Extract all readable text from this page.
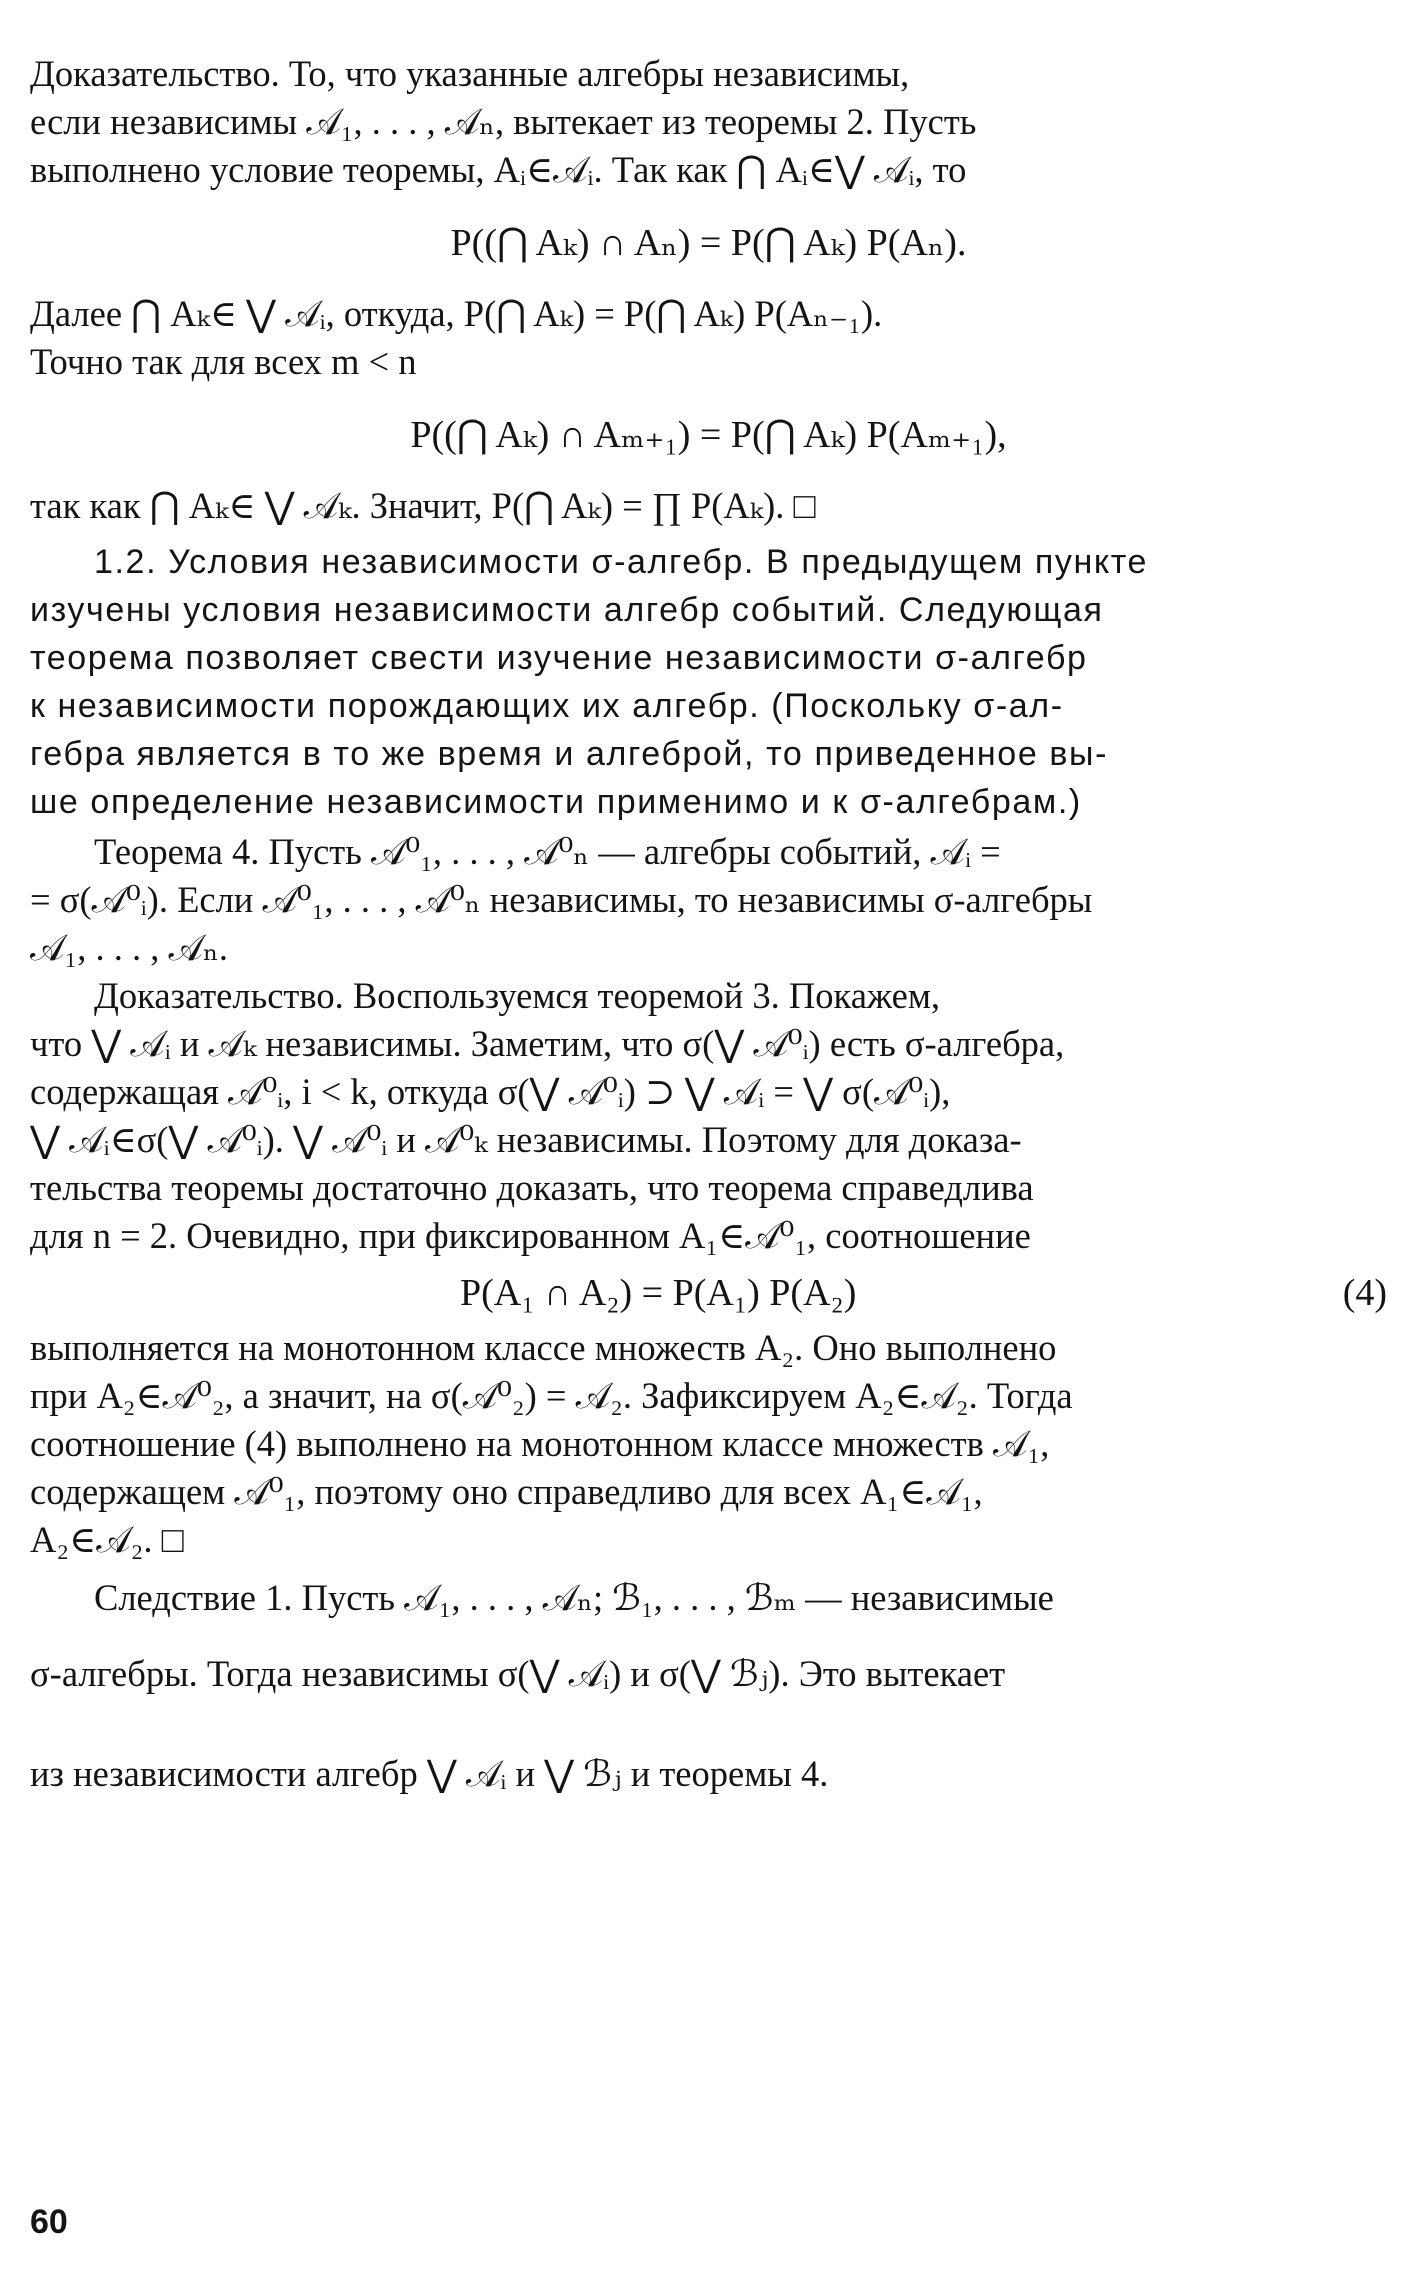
Доказательство. То, что указанные алгебры независимы,
если независимы 𝒜₁, . . . , 𝒜ₙ, вытекает из теоремы 2. Пусть
выполнено условие теоремы, Aᵢ∈𝒜ᵢ. Так как ⋂ Aᵢ∈⋁ 𝒜ᵢ, то
P((⋂ Aₖ) ∩ Aₙ) = P(⋂ Aₖ) P(Aₙ).
Далее ⋂ Aₖ∈ ⋁ 𝒜ᵢ, откуда, P(⋂ Aₖ) = P(⋂ Aₖ) P(Aₙ₋₁).
Точно так для всех m < n
P((⋂ Aₖ) ∩ Aₘ₊₁) = P(⋂ Aₖ) P(Aₘ₊₁),
так как ⋂ Aₖ∈ ⋁ 𝒜ₖ. Значит, P(⋂ Aₖ) = ∏ P(Aₖ). □
1.2. Условия независимости σ-алгебр. В предыдущем пункте
изучены условия независимости алгебр событий. Следующая
теорема позволяет свести изучение независимости σ-алгебр
к независимости порождающих их алгебр. (Поскольку σ-ал-
гебра является в то же время и алгеброй, то приведенное вы-
ше определение независимости применимо и к σ-алгебрам.)
Теорема 4. Пусть 𝒜⁰₁, . . . , 𝒜⁰ₙ — алгебры событий, 𝒜ᵢ =
= σ(𝒜⁰ᵢ). Если 𝒜⁰₁, . . . , 𝒜⁰ₙ независимы, то независимы σ-алгебры
𝒜₁, . . . , 𝒜ₙ.
Доказательство. Воспользуемся теоремой 3. Покажем,
что ⋁ 𝒜ᵢ и 𝒜ₖ независимы. Заметим, что σ(⋁ 𝒜⁰ᵢ) есть σ-алгебра,
содержащая 𝒜⁰ᵢ, i < k, откуда σ(⋁ 𝒜⁰ᵢ) ⊃ ⋁ 𝒜ᵢ = ⋁ σ(𝒜⁰ᵢ),
⋁ 𝒜ᵢ∈σ(⋁ 𝒜⁰ᵢ). ⋁ 𝒜⁰ᵢ и 𝒜⁰ₖ независимы. Поэтому для доказа-
тельства теоремы достаточно доказать, что теорема справедлива
для n = 2. Очевидно, при фиксированном A₁∈𝒜⁰₁, соотношение
P(A₁ ∩ A₂) = P(A₁) P(A₂)	(4)
выполняется на монотонном классе множеств A₂. Оно выполнено
при A₂∈𝒜⁰₂, а значит, на σ(𝒜⁰₂) = 𝒜₂. Зафиксируем A₂∈𝒜₂. Тогда
соотношение (4) выполнено на монотонном классе множеств 𝒜₁,
содержащем 𝒜⁰₁, поэтому оно справедливо для всех A₁∈𝒜₁,
A₂∈𝒜₂. □
Следствие 1. Пусть 𝒜₁, . . . , 𝒜ₙ; ℬ₁, . . . , ℬₘ — независимые
σ-алгебры. Тогда независимы σ(⋁ 𝒜ᵢ) и σ(⋁ ℬⱼ). Это вытекает
из независимости алгебр ⋁ 𝒜ᵢ и ⋁ ℬⱼ и теоремы 4.
60
